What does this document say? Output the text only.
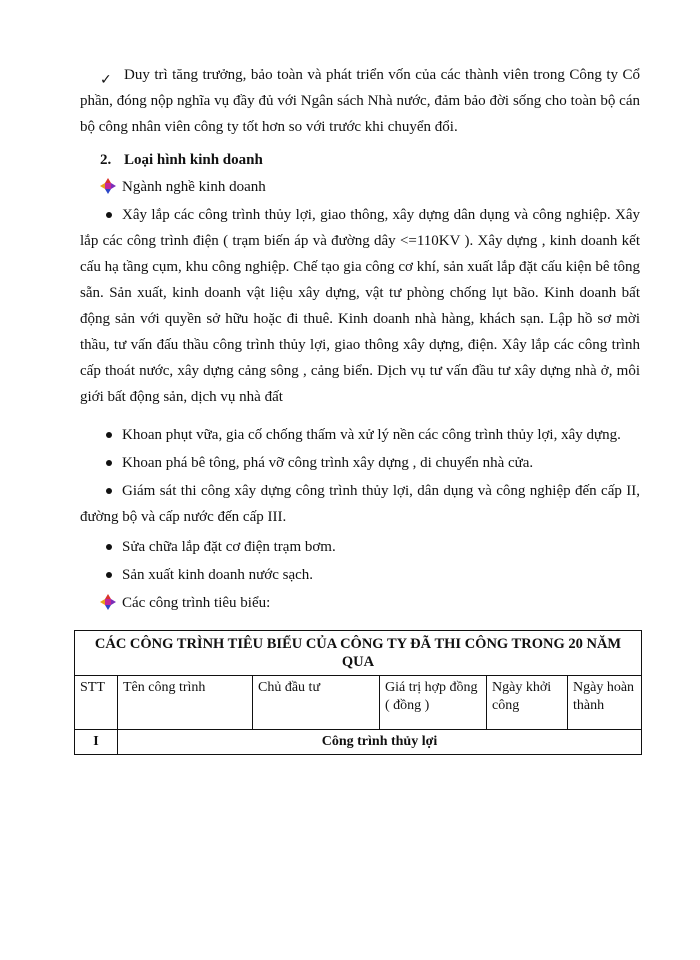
✓ Duy trì tăng trưởng, bảo toàn và phát triển vốn của các thành viên trong Công ty Cổ phần, đóng nộp nghĩa vụ đầy đủ với Ngân sách Nhà nước, đảm bảo đời sống cho toàn bộ cán bộ công nhân viên công ty tốt hơn so với trước khi chuyển đổi.
2. Loại hình kinh doanh
Ngành nghề kinh doanh
Xây lắp các công trình thủy lợi, giao thông, xây dựng dân dụng và công nghiệp. Xây lắp các công trình điện ( trạm biến áp và đường dây <=110KV ). Xây dựng , kinh doanh kết cấu hạ tầng cụm, khu công nghiệp. Chế tạo gia công cơ khí, sản xuất lắp đặt cấu kiện bê tông sẵn. Sản xuất, kinh doanh vật liệu xây dựng, vật tư phòng chống lụt bão. Kinh doanh bất động sản với quyền sở hữu hoặc đi thuê. Kinh doanh nhà hàng, khách sạn. Lập hồ sơ mời thầu, tư vấn đấu thầu công trình thủy lợi, giao thông xây dựng, điện. Xây lắp các công trình cấp thoát nước, xây dựng cảng sông , cảng biển. Dịch vụ tư vấn đầu tư xây dựng nhà ở, môi giới bất động sản, dịch vụ nhà đất
Khoan phụt vữa, gia cố chống thấm và xử lý nền các công trình thủy lợi, xây dựng.
Khoan phá bê tông, phá vỡ công trình xây dựng , di chuyển nhà cửa.
Giám sát thi công xây dựng công trình thủy lợi, dân dụng và công nghiệp đến cấp II, đường bộ và cấp nước đến cấp III.
Sửa chữa lắp đặt cơ điện trạm bơm.
Sản xuất kinh doanh nước sạch.
Các công trình tiêu biểu:
CÁC CÔNG TRÌNH TIÊU BIỂU CỦA CÔNG TY ĐÃ THI CÔNG TRONG 20 NĂM QUA					
STT	Tên công trình	Chủ đầu tư	Giá trị hợp đồng ( đồng )	Ngày khởi công	Ngày hoàn thành
I	Công trình thủy lợi				
